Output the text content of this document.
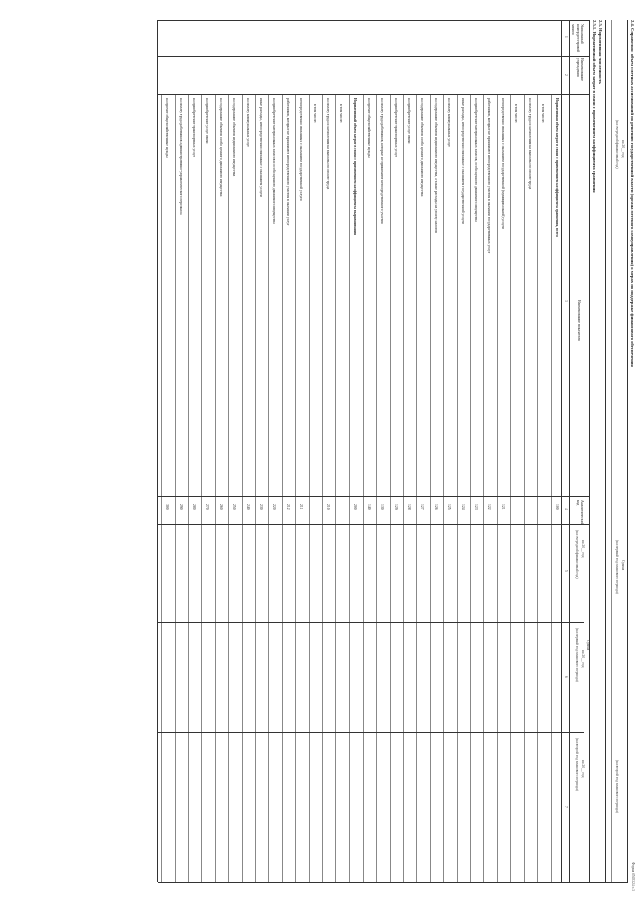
2.4. Справочно: объем сметных ассигнований по решению государственной власти (органа местного самоуправления) о мерах по поддержке финансового обеспечения
Форма 0503324 с.3
на 20__ год
(на очередной финансовый год)
Сумма
(на первый год планового периода)
(на второй год планового периода)
2.5. Нормативная численность
2.5.1. Нормативный объем затрат в связи с применением коэффициента сравнения
Уникальный номер реестровой записи
Наименование учреждения
Наименование показателя
Аналитический код
на 20__ год
(на очередной финансовый год)
Сумма
на 20__ год
(на первый год планового периода)
на 20__ год
(на второй год планового периода)
1
2
3
4
5
6
7
Нормативная объем затрат в связи с применением коэффициента сравнения, всего
100
в том числе:
на оплату труда и начисления на выплаты по оплате труда
в том числе:
непосредственно связанных с оказанием государственной (муниципальной) услуги
121
работников, которые не принимают непосредственного участия в оказании государственных услуг
122
на приобретение материальных запасов, особо ценного движимого имущества
123
иные расходы, непосредственно связанные с оказанием государственной услуги
124
на оплату коммунальных услуг
125
на содержание объектов недвижимого имущества, а также расходы на уплату налогов
126
на содержание объектов особо ценного движимого имущества
127
на приобретение услуг связи
128
на приобретение транспортных услуг
129
на оплату труда работников, которые не принимают непосредственного участия
130
на прочие общехозяйственные нужды
140
Нормативный объем затрат в связи с применением коэффициента выравнивания
200
в том числе:
на оплату труда и начисления на выплаты по оплате труда
210
в том числе:
непосредственно связанных с оказанием государственной услуги
211
работников, которые не принимают непосредственного участия в оказании услуг
212
на приобретение материальных запасов и особо ценного движимого имущества
220
иные расходы, непосредственно связанные с оказанием услуги
230
на оплату коммунальных услуг
240
на содержание объектов недвижимого имущества
250
на содержание объектов особо ценного движимого имущества
260
на приобретение услуг связи
270
на приобретение транспортных услуг
280
на оплату труда работников административно-управленческого персонала
290
на прочие общехозяйственные нужды
300
